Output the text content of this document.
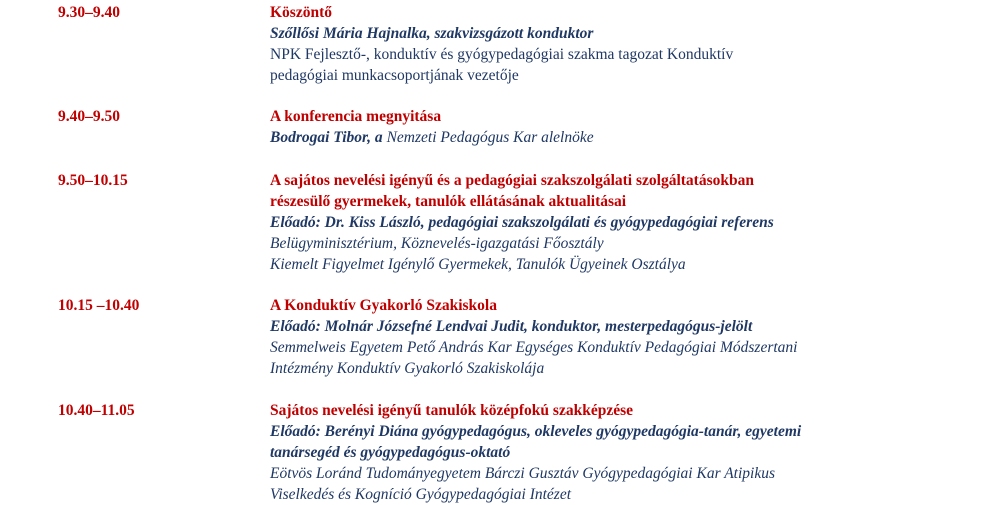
9.30–9.40	Köszöntő
Szőllősi Mária Hajnalka, szakvizsgázott konduktor
NPK Fejlesztő-, konduktív és gyógypedagógiai szakma tagozat Konduktív
pedagógiai munkacsoportjának vezetője
9.40–9.50	A konferencia megnyitása
Bodrogai Tibor, a Nemzeti Pedagógus Kar alelnöke
9.50–10.15	A sajátos nevelési igényű és a pedagógiai szakszolgálati szolgáltatásokban
részesülő gyermekek, tanulók ellátásának aktualitásai
Előadó: Dr. Kiss László, pedagógiai szakszolgálati és gyógypedagógiai referens
Belügyminisztérium, Köznevelés-igazgatási Főosztály
Kiemelt Figyelmet Igénylő Gyermekek, Tanulók Ügyeinek Osztálya
10.15 –10.40	A Konduktív Gyakorló Szakiskola
Előadó: Molnár Józsefné Lendvai Judit, konduktor, mesterpedagógus-jelölt
Semmelweis Egyetem Pető András Kar Egységes Konduktív Pedagógiai Módszertani
Intézmény Konduktív Gyakorló Szakiskolája
10.40–11.05	Sajátos nevelési igényű tanulók középfokú szakképzése
Előadó: Berényi Diána gyógypedagógus, okleveles gyógypedagógia-tanár, egyetemi
tanársegéd és gyógypedagógus-oktató
Eötvös Loránd Tudományegyetem Bárczi Gusztáv Gyógypedagógiai Kar Atipikus
Viselkedés és Kogníció Gyógypedagógiai Intézet
